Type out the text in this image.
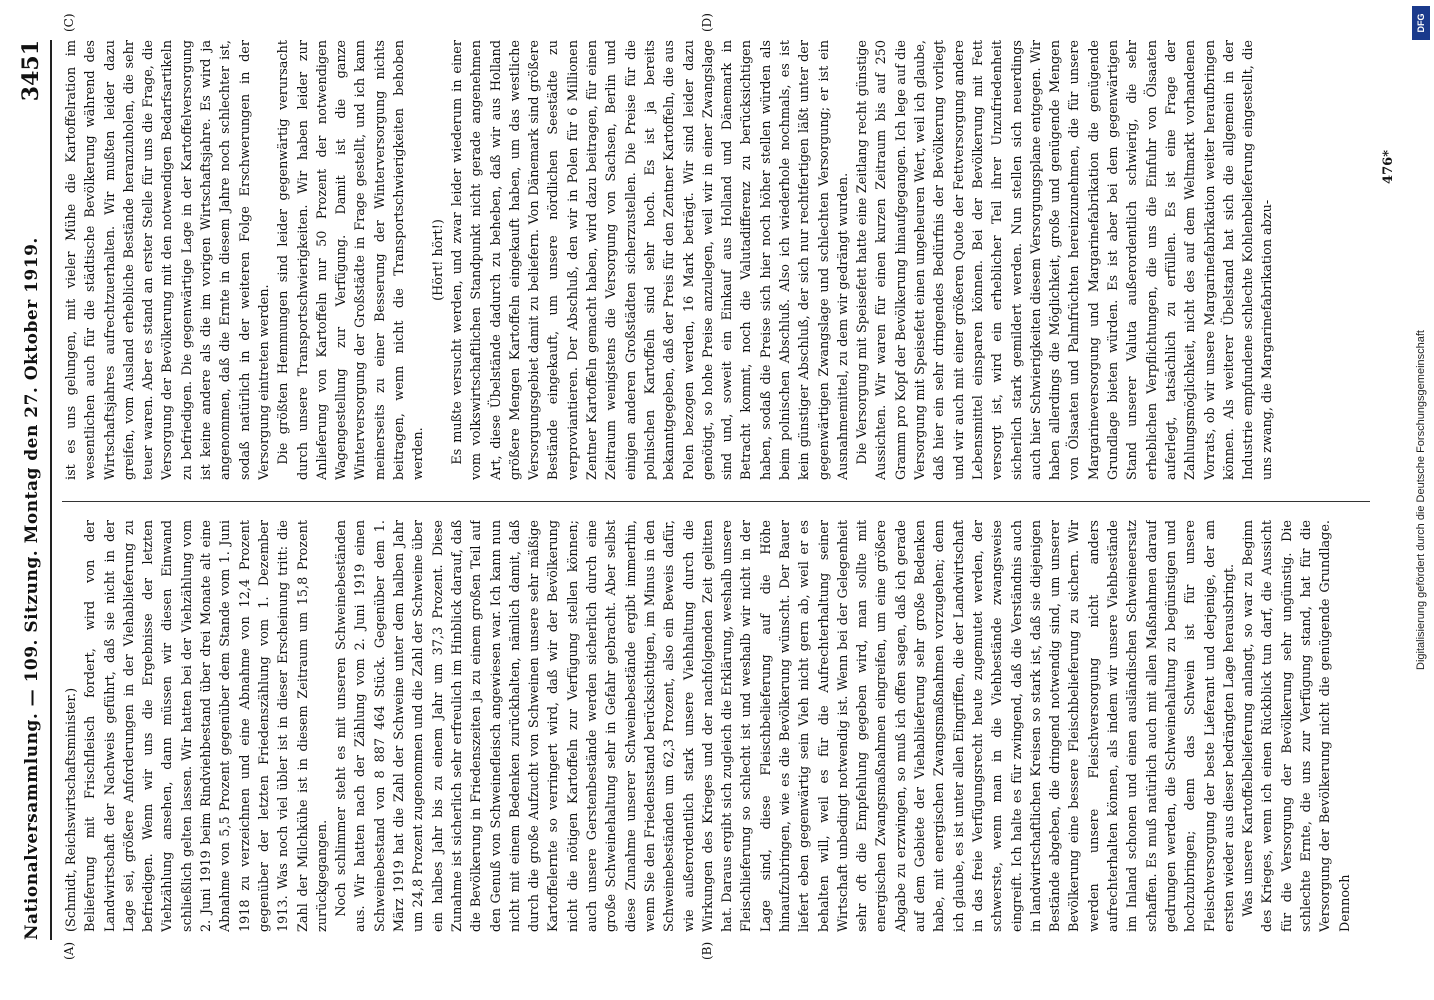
Nationalversammlung. — 109. Sitzung. Montag den 27. Oktober 1919.
3451
(A)	(B)
(C)	(D)

(Schmidt, Reichswirtschaftsminister.) Belieferung mit Frischfleisch fordert, wird von der Landwirtschaft der Nachweis geführt, daß sie nicht in der Lage sei, größere Anforderungen in der Viehablieferung zu befriedigen. Wenn wir uns die Ergebnisse der letzten Viehzählung ansehen, dann müssen wir diesen Einwand schließlich gelten lassen. Wir hatten bei der Viehzählung vom 2. Juni 1919 beim Rindviehbestand über drei Monate alt eine Abnahme von 5,5 Prozent gegenüber dem Stande vom 1. Juni 1918 zu verzeichnen und eine Abnahme von 12,4 Prozent gegenüber der letzten Friedenszählung vom 1. Dezember 1913. Was noch viel übler ist in dieser Erscheinung tritt: die Zahl der Milchkühe ist in diesem Zeitraum um 15,8 Prozent zurückgegangen. Noch schlimmer steht es mit unseren Schweinebeständen aus. Wir hatten nach der Zählung vom 2. Juni 1919 einen Schweinebestand von 8 887 464 Stück. Gegenüber dem 1. März 1919 hat die Zahl der Schweine unter dem halben Jahr um 24,8 Prozent zugenommen und die Zahl der Schweine über ein halbes Jahr bis zu einem Jahr um 37,3 Prozent. Diese Zunahme ist sicherlich sehr erfreulich im Hinblick darauf, daß die Bevölkerung in Friedenszeiten ja zu einem großen Teil auf den Genuß von Schweinefleisch angewiesen war. Ich kann nun nicht mit einem Bedenken zurückhalten, nämlich damit, daß durch die große Aufzucht von Schweinen unsere sehr mäßige Kartoffelernte so verringert wird, daß wir der Bevölkerung nicht die nötigen Kartoffeln zur Verfügung stellen können; auch unsere Gerstenbestände werden sicherlich durch eine große Schweinehaltung sehr in Gefahr gebracht. Aber selbst diese Zunahme unserer Schweinebestände ergibt immerhin, wenn Sie den Friedensstand berücksichtigen, im Minus in den Schweinebeständen um 62,3 Prozent, also ein Beweis dafür, wie außerordentlich stark unsere Viehhaltung durch die Wirkungen des Krieges und der nachfolgenden Zeit gelitten hat. Daraus ergibt sich zugleich die Erklärung, weshalb unsere Fleischlieferung so schlecht ist und weshalb wir nicht in der Lage sind, diese Fleischbelieferung auf die Höhe hinaufzubringen, wie es die Bevölkerung wünscht. Der Bauer liefert eben gegenwärtig sein Vieh nicht gern ab, weil er es behalten will, weil es für die Aufrechterhaltung seiner Wirtschaft unbedingt notwendig ist. Wenn bei der Gelegenheit sehr oft die Empfehlung gegeben wird, man sollte mit energischen Zwangsmaßnahmen eingreifen, um eine größere Abgabe zu erzwingen, so muß ich offen sagen, daß ich gerade auf dem Gebiete der Viehablieferung sehr große Bedenken habe, mit energischen Zwangsmaßnahmen vorzugehen; denn ich glaube, es ist unter allen Eingriffen, die der Landwirtschaft in das freie Verfügungsrecht heute zugemutet werden, der schwerste, wenn man in die Viehbestände zwangsweise eingreift. Ich halte es für zwingend, daß die Verständnis auch in landwirtschaftlichen Kreisen so stark ist, daß sie diejenigen Bestände abgeben, die dringend notwendig sind, um unserer Bevölkerung eine bessere Fleischbelieferung zu sichern. Wir werden unsere Fleischversorgung nicht anders aufrechterhalten können, als indem wir unsere Viehbestände im Inland schonen und einen ausländischen Schweineersatz schaffen. Es muß natürlich auch mit allen Maßnahmen darauf gedrungen werden, die Schweinehaltung zu begünstigen und hochzubringen; denn das Schwein ist für unsere Fleischversorgung der beste Lieferant und derjenige, der am ersten wieder aus dieser bedrängten Lage herausbringt. Was unsere Kartoffelbelieferung anlangt, so war zu Beginn des Krieges, wenn ich einen Rückblick tun darf, die Aussicht für die Versorgung der Bevölkerung sehr ungünstig. Die schlechte Ernte, die uns zur Verfügung stand, hat für die Versorgung der Bevölkerung nicht die genügende Grundlage. Dennoch

ist es uns gelungen, mit vieler Mühe die Kartoffelration im wesentlichen auch für die städtische Bevölkerung während des Wirtschaftsjahres aufrechtzuerhalten. Wir mußten leider dazu greifen, vom Ausland erhebliche Bestände heranzuholen, die sehr teuer waren. Aber es stand an erster Stelle für uns die Frage, die Versorgung der Bevölkerung mit den notwendigen Bedarfsartikeln zu befriedigen. Die gegenwärtige Lage in der Kartoffelversorgung ist keine andere als die im vorigen Wirtschaftsjahre. Es wird ja angenommen, daß die Ernte in diesem Jahre noch schlechter ist, sodaß natürlich in der weiteren Folge Erschwerungen in der Versorgung eintreten werden. Die größten Hemmungen sind leider gegenwärtig verursacht durch unsere Transportschwierigkeiten. Wir haben leider zur Anlieferung von Kartoffeln nur 50 Prozent der notwendigen Wagengestellung zur Verfügung. Damit ist die ganze Winterversorgung der Großstädte in Frage gestellt, und ich kann meinerseits zu einer Besserung der Winterversorgung nichts beitragen, wenn nicht die Transportschwierigkeiten behoben werden.

(Hört! hört!) Es mußte versucht werden, und zwar leider wiederum in einer vom volkswirtschaftlichen Standpunkt nicht gerade angenehmen Art, diese Übelstände dadurch zu beheben, daß wir aus Holland größere Mengen Kartoffeln eingekauft haben, um das westliche Versorgungsgebiet damit zu beliefern. Von Dänemark sind größere Bestände eingekauft, um unsere nördlichen Seestädte zu verproviantieren. Der Abschluß, den wir in Polen für 6 Millionen Zentner Kartoffeln gemacht haben, wird dazu beitragen, für einen Zeitraum wenigstens die Versorgung von Sachsen, Berlin und einigen anderen Großstädten sicherzustellen. Die Preise für die polnischen Kartoffeln sind sehr hoch. Es ist ja bereits bekanntgegeben, daß der Preis für den Zentner Kartoffeln, die aus Polen bezogen werden, 16 Mark beträgt. Wir sind leider dazu genötigt, so hohe Preise anzulegen, weil wir in einer Zwangslage sind und, soweit ein Einkauf aus Holland und Dänemark in Betracht kommt, noch die Valutadifferenz zu berücksichtigen haben, sodaß die Preise sich hier noch höher stellen würden als beim polnischen Abschluß. Also ich wiederhole nochmals, es ist kein günstiger Abschluß, der sich nur rechtfertigen läßt unter der gegenwärtigen Zwangslage und schlechten Versorgung; er ist ein Ausnahmemittel, zu dem wir gedrängt wurden. Die Versorgung mit Speisefett hatte eine Zeitlang recht günstige Aussichten. Wir waren für einen kurzen Zeitraum bis auf 250 Gramm pro Kopf der Bevölkerung hinaufgegangen. Ich lege auf die Versorgung mit Speisefett einen ungeheuren Wert, weil ich glaube, daß hier ein sehr dringendes Bedürfnis der Bevölkerung vorliegt und wir auch mit einer größeren Quote der Fettversorgung andere Lebensmittel einsparen können. Bei der Bevölkerung mit Fett versorgt ist, wird ein erheblicher Teil ihrer Unzufriedenheit sicherlich stark gemildert werden. Nun stellen sich neuerdings auch hier Schwierigkeiten diesem Versorgungsplane entgegen. Wir haben allerdings die Möglichkeit, große und genügende Mengen von Ölsaaten und Palmfrüchten hereinzunehmen, die für unsere Margarineversorgung und Margarinefabrikation die genügende Grundlage bieten würden. Es ist aber bei dem gegenwärtigen Stand unserer Valuta außerordentlich schwierig, die sehr erheblichen Verpflichtungen, die uns die Einfuhr von Ölsaaten auferlegt, tatsächlich zu erfüllen. Es ist eine Frage der Zahlungsmöglichkeit, nicht des auf dem Weltmarkt vorhandenen Vorrats, ob wir unsere Margarinefabrikation weiter heraufbringen können. Als weiterer Übelstand hat sich die allgemein in der Industrie empfundene schlechte Kohlenbelieferung eingestellt, die uns zwang, die Margarinefabrikation abzu-

476*
DFG
Digitalisierung gefördert durch die Deutsche Forschungsgemeinschaft
